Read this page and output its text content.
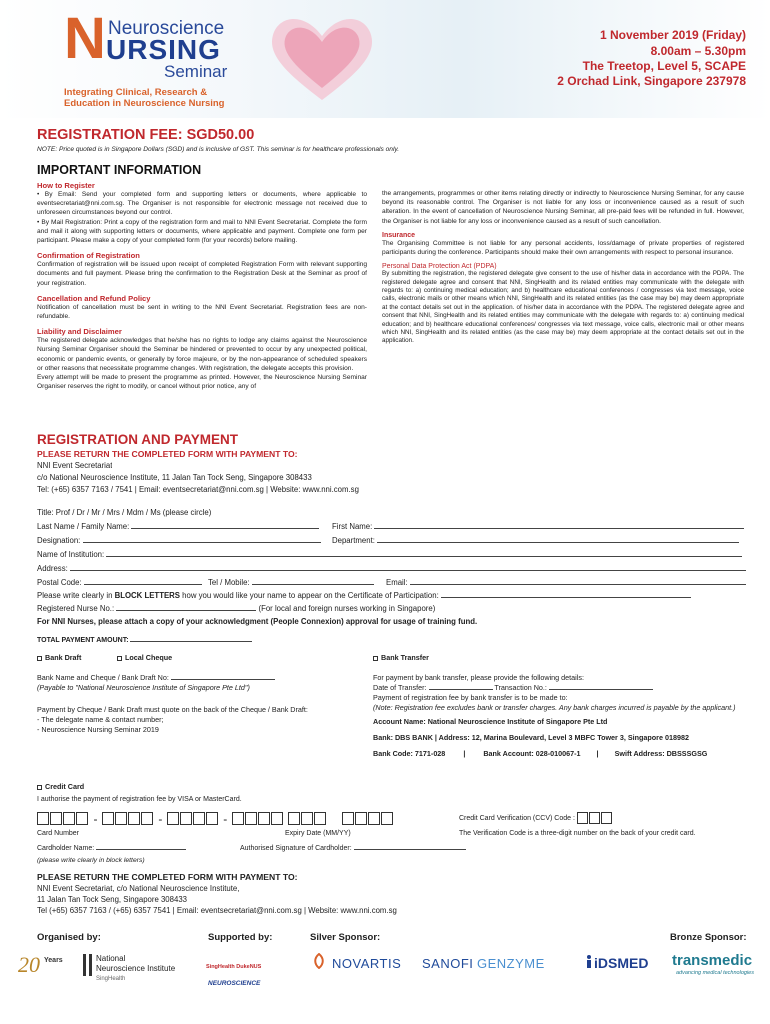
N Neuroscience
URSING
Seminar
Integrating Clinical, Research &
Education in Neuroscience Nursing
1 November 2019 (Friday)
8.00am – 5.30pm
The Treetop, Level 5, SCAPE
2 Orchad Link, Singapore 237978
REGISTRATION FEE: SGD50.00
NOTE: Price quoted is in Singapore Dollars (SGD) and is inclusive of GST. This seminar is for healthcare professionals only.
IMPORTANT INFORMATION
How to Register
• By Email: Send your completed form and supporting letters or documents, where applicable to eventsecretariat@nni.com.sg. The Organiser is not responsible for electronic message not received due to unforeseen circumstances beyond our control.
• By Mail Registration: Print a copy of the registration form and mail to NNI Event Secretariat. Complete the form and mail it along with supporting letters or documents, where applicable and payment. Complete one form per participant. Please make a copy of your completed form (for your records) before mailing.
Confirmation of Registration
Confirmation of registration will be issued upon receipt of completed Registration Form with relevant supporting documents and full payment. Please bring the confirmation to the Registration Desk at the Seminar as proof of your registration.
Cancellation and Refund Policy
Notification of cancellation must be sent in writing to the NNI Event Secretariat. Registration fees are non-refundable.
Liability and Disclaimer
The registered delegate acknowledges that he/she has no rights to lodge any claims against the Neuroscience Nursing Seminar Organiser should the Seminar be hindered or prevented to occur by any unexpected political, economic or pandemic events, or generally by force majeure, or by the non-appearance of scheduled speakers or other reasons that necessitate programme changes. With registration, the delegate accepts this provision.
Every attempt will be made to present the programme as printed. However, the Neuroscience Nursing Seminar Organiser reserves the right to modify, or cancel without prior notice, any of
the arrangements, programmes or other items relating directly or indirectly to Neuroscience Nursing Seminar, for any cause beyond its reasonable control. The Organiser is not liable for any loss or inconvenience caused as a result of such alteration. In the event of cancellation of Neuroscience Nursing Seminar, all pre-paid fees will be refunded in full. However, the Organiser is not liable for any loss or inconvenience caused as a result of such cancellation.
Insurance
The Organising Committee is not liable for any personal accidents, loss/damage of private properties of registered participants during the conference. Participants should make their own arrangements with respect to personal insurance.
Personal Data Protection Act (PDPA)
By submitting the registration, the registered delegate give consent to the use of his/her data in accordance with the PDPA. The registered delegate agree and consent that NNI, SingHealth and its related entities may communicate with the delegate with regards to: a) continuing medical education; and b) healthcare educational conferences / congresses via text message, voice calls, electronic mails or other means which NNI, SingHealth and its related entities (as the case may be) may deem appropriate at the contact details set out in the application. of his/her data in accordance with the PDPA. The registered delegate agree and consent that NNI, SingHealth and its related entities may communicate with the delegate with regards to: a) continuing medical education; and b) healthcare educational conferences/ congresses via text message, voice calls, electronic mail or other means which NNI, SingHealth and its related entities (as the case may be) may deem appropriate at the contact details set out in the application.
REGISTRATION AND PAYMENT
PLEASE RETURN THE COMPLETED FORM WITH PAYMENT TO:
NNI Event Secretariat
c/o National Neuroscience Institute, 11 Jalan Tan Tock Seng, Singapore 308433
Tel: (+65) 6357 7163 / 7541 | Email: eventsecretariat@nni.com.sg | Website: www.nni.com.sg
Title: Prof / Dr / Mr / Mrs / Mdm / Ms (please circle)
Last Name / Family Name:	First Name:
Designation:	Department:
Name of Institution:
Address:
Postal Code:	Tel / Mobile:	Email:
Please write clearly in BLOCK LETTERS how you would like your name to appear on the Certificate of Participation:
Registered Nurse No.:	(For local and foreign nurses working in Singapore)
For NNI Nurses, please attach a copy of your acknowledgment (People Connexion) approval for usage of training fund.
TOTAL PAYMENT AMOUNT:
Bank Draft	Local Cheque	Bank Transfer
Bank Name and Cheque / Bank Draft No:
(Payable to "National Neuroscience Institute of Singapore Pte Ltd")
Payment by Cheque / Bank Draft must quote on the back of the Cheque / Bank Draft:
- The delegate name & contact number;
- Neuroscience Nursing Seminar 2019
For payment by bank transfer, please provide the following details:
Date of Transfer:	Transaction No.:
Payment of registration fee by bank transfer is to be made to:
(Note: Registration fee excludes bank or transfer charges. Any bank charges incurred is payable by the applicant.)
Account Name: National Neuroscience Institute of Singapore Pte Ltd
Bank: DBS BANK | Address: 12, Marina Boulevard, Level 3 MBFC Tower 3, Singapore 018982
Bank Code: 7171-028	|	Bank Account: 028-010067-1 | Swift Address: DBSSSGSG
Credit Card
I authorise the payment of registration fee by VISA or MasterCard.
-	-	-
	Credit Card Verification (CCV) Code :
Card Number	Expiry Date (MM/YY)	The Verification Code is a three-digit number on the back of your credit card.
Cardholder Name:	Authorised Signature of Cardholder:
(please write clearly in block letters)
PLEASE RETURN THE COMPLETED FORM WITH PAYMENT TO:
NNI Event Secretariat, c/o National Neuroscience Institute,
11 Jalan Tan Tock Seng, Singapore 308433
Tel (+65) 6357 7163 / (+65) 6357 7541 | Email: eventsecretariat@nni.com.sg | Website: www.nni.com.sg
Organised by:	Supported by:	Silver Sponsor:	Bronze Sponsor:
20 Years	National
Neuroscience Institute
SingHealth
SingHealth DukeNUS
NEUROSCIENCE
NOVARTIS SANOFI GENZYME	iDSMED transmedic
advancing medical technologies
